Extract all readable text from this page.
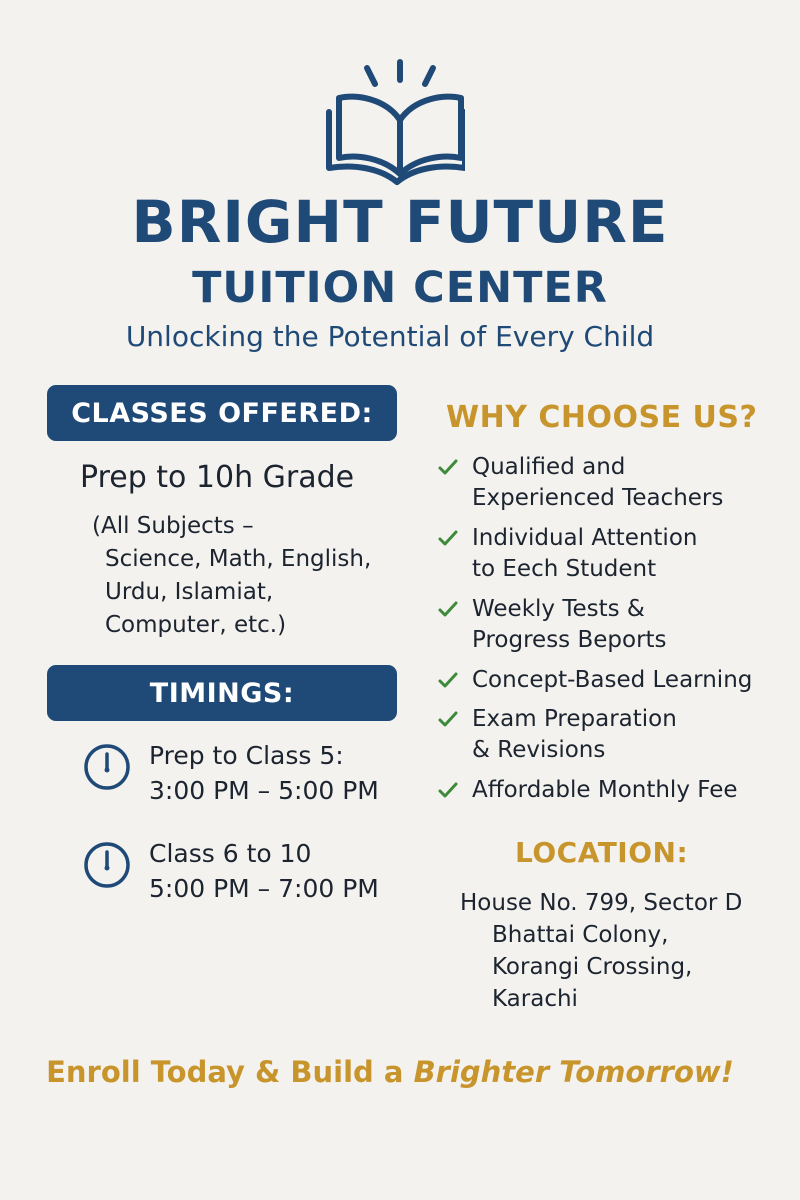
BRIGHT FUTURE
TUITION CENTER
Unlocking the Potential of Every Child
CLASSES OFFERED:
Prep to 10h Grade
(All Subjects –
Science, Math, English,
Urdu, Islamiat,
Computer, etc.)
TIMINGS:
Prep to Class 5:
3:00 PM – 5:00 PM
Class 6 to 10
5:00 PM – 7:00 PM
WHY CHOOSE US?
Qualified and
Experienced Teachers
Individual Attention
to Eech Student
Weekly Tests &
Progress Beports
Concept-Based Learning
Exam Preparation
& Revisions
Affordable Monthly Fee
LOCATION:
House No. 799, Sector D
Bhattai Colony,
Korangi Crossing,
Karachi
Enroll Today & Build a Brighter Tomorrow!
